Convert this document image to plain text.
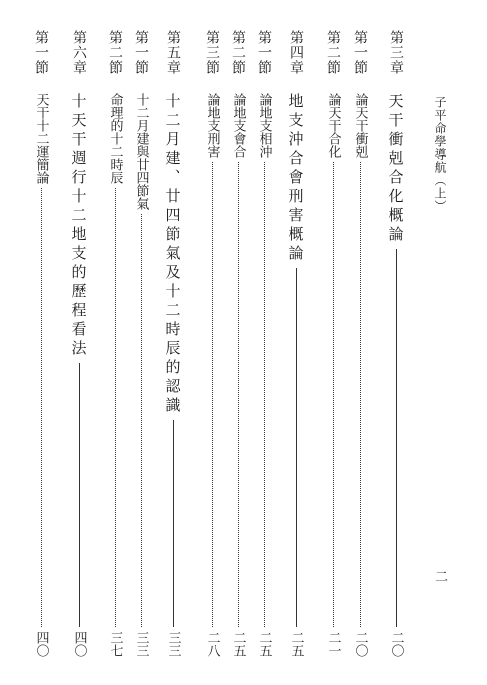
子平命學導航（上）
二
第三章
天干衝剋合化概論
二〇
第一節
論天干衝剋
二〇
第二節
論天干合化
二一
第四章
地支沖合會刑害概論
二五
第一節
論地支相沖
二五
第二節
論地支會合
二五
第三節
論地支刑害
二八
第五章
十二月建、廿四節氣及十二時辰的認識
三三
第一節
十二月建與廿四節氣
三三
第二節
命理的十二時辰
三七
第六章
十天干週行十二地支的歷程看法
四〇
第一節
天干十二運簡論
四〇
